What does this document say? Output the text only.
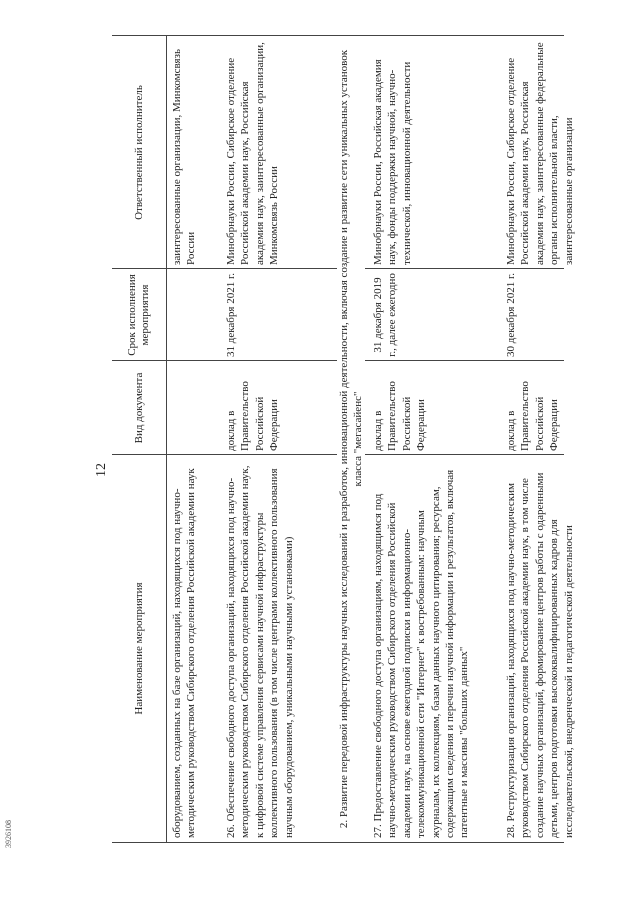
12
3926108
Наименование мероприятия
Вид документа
Срок исполнения мероприятия
Ответственный исполнитель
оборудованием, созданных на базе организаций, находящихся под научно-методическим руководством Сибирского отделения Российской академии наук
заинтересованные организации, Минкомсвязь России
26. Обеспечение свободного доступа организаций, находящихся под научно-методическим руководством Сибирского отделения Российской академии наук, к цифровой системе управления сервисами научной инфраструктуры коллективного пользования (в том числе центрами коллективного пользования научным оборудованием, уникальными научными установками)
доклад в Правительство Российской Федерации
31 декабря 2021 г.
Минобрнауки России, Сибирское отделение Российской академии наук, Российская академия наук, заинтересованные организации, Минкомсвязь России	2. Развитие передовой инфраструктуры научных исследований и разработок, инновационной деятельности, включая создание и развитие сети уникальных установок класса "мегасайенс"
27. Предоставление свободного доступа организациям, находящимся под научно-методическим руководством Сибирского отделения Российской академии наук, на основе ежегодной подписки в информационно-телекоммуникационной сети "Интернет" к востребованным: научным журналам, их коллекциям, базам данных научного цитирования; ресурсам, содержащим сведения и перечни научной информации и результатов, включая патентные и массивы "больших данных"
доклад в Правительство Российской Федерации
31 декабря 2019 г., далее ежегодно
Минобрнауки России, Российская академия наук, фонды поддержки научной, научно-технической, инновационной деятельности
28. Реструктуризация организаций, находящихся под научно-методическим руководством Сибирского отделения Российской академии наук, в том числе создание научных организаций, формирование центров работы с одаренными детьми, центров подготовки высококвалифицированных кадров для исследовательской, внедренческой и педагогической деятельности
доклад в Правительство Российской Федерации
30 декабря 2021 г.
Минобрнауки России, Сибирское отделение Российской академии наук, Российская академия наук, заинтересованные федеральные органы исполнительной власти, заинтересованные организации
